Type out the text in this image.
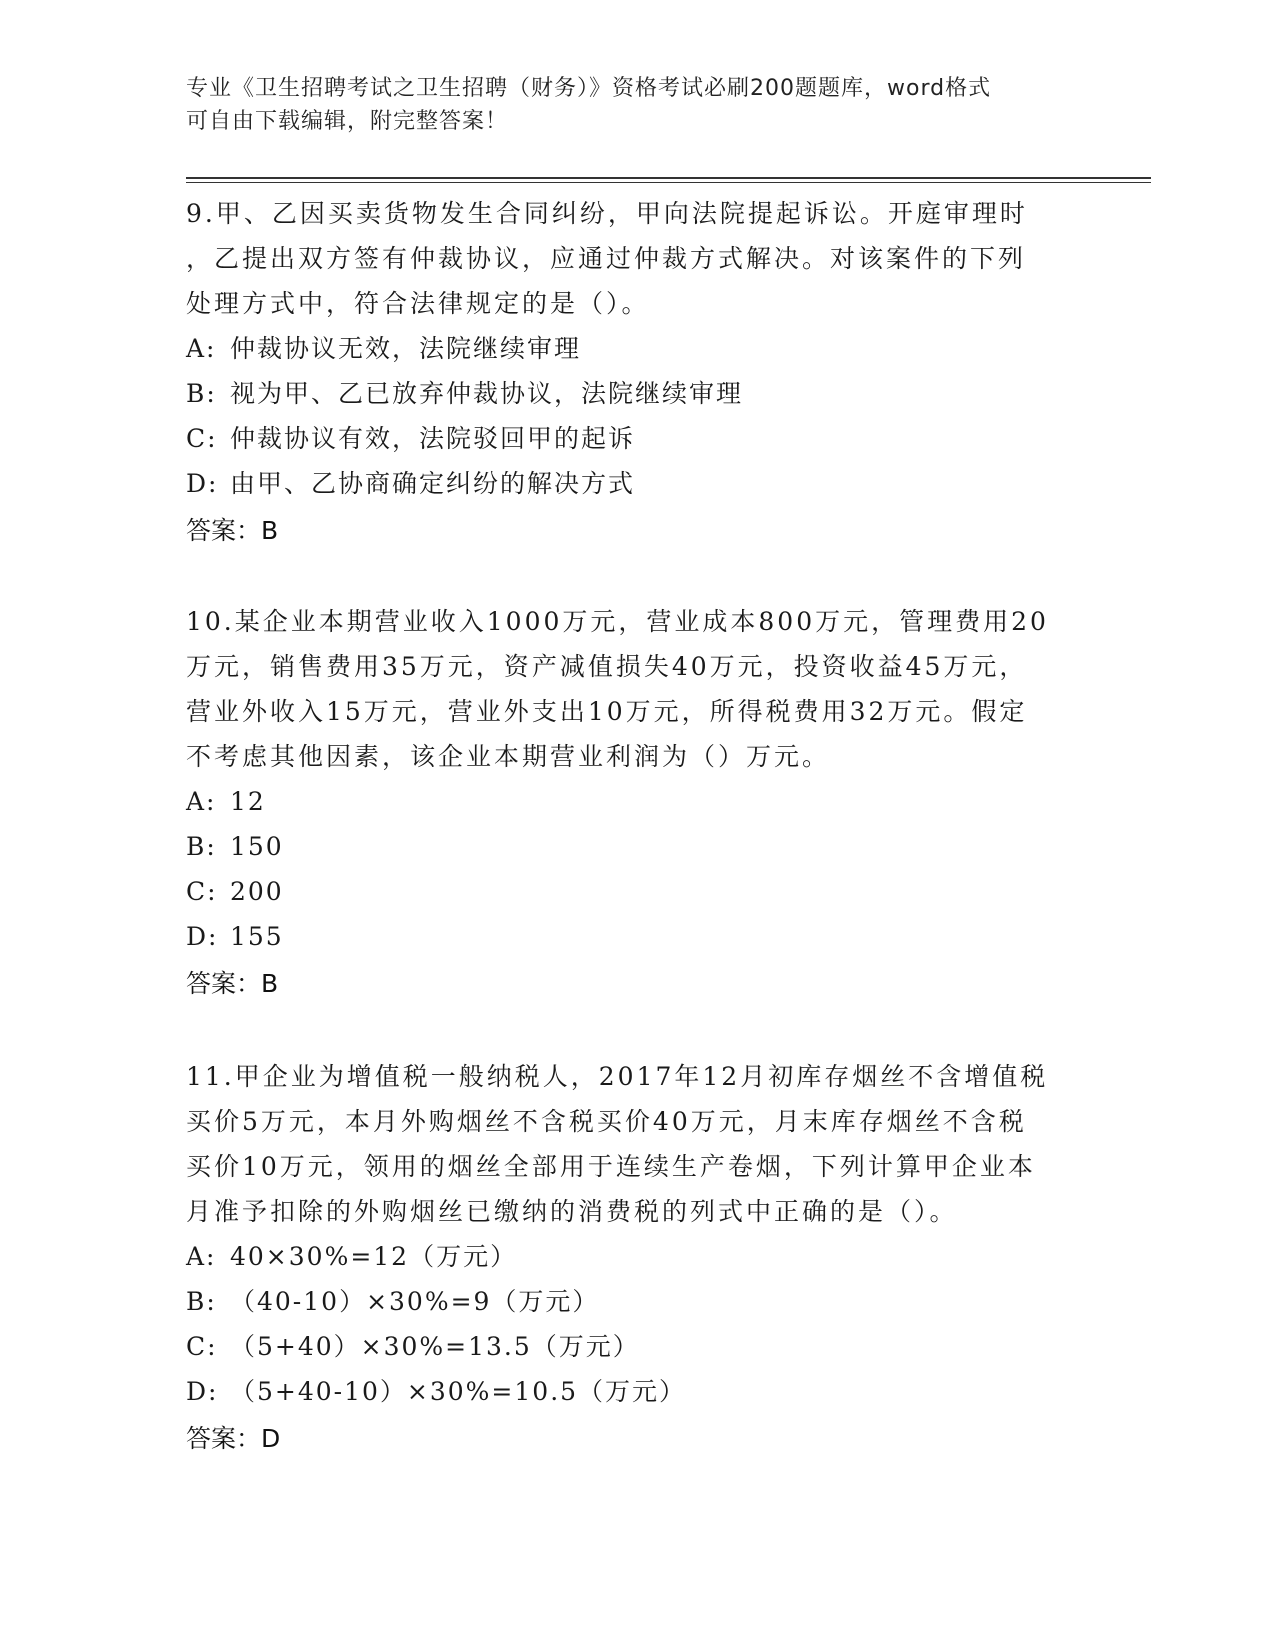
专业《卫生招聘考试之卫生招聘（财务）》资格考试必刷200题题库，word格式
可自由下载编辑，附完整答案！
9.甲、乙因买卖货物发生合同纠纷，甲向法院提起诉讼。开庭审理时
，乙提出双方签有仲裁协议，应通过仲裁方式解决。对该案件的下列
处理方式中，符合法律规定的是（）。
A: 仲裁协议无效，法院继续审理
B: 视为甲、乙已放弃仲裁协议，法院继续审理
C: 仲裁协议有效，法院驳回甲的起诉
D: 由甲、乙协商确定纠纷的解决方式
答案：B
10.某企业本期营业收入1000万元，营业成本800万元，管理费用20
万元，销售费用35万元，资产减值损失40万元，投资收益45万元，
营业外收入15万元，营业外支出10万元，所得税费用32万元。假定
不考虑其他因素，该企业本期营业利润为（）万元。
A: 12
B: 150
C: 200
D: 155
答案：B
11.甲企业为增值税一般纳税人，2017年12月初库存烟丝不含增值税
买价5万元，本月外购烟丝不含税买价40万元，月末库存烟丝不含税
买价10万元，领用的烟丝全部用于连续生产卷烟，下列计算甲企业本
月准予扣除的外购烟丝已缴纳的消费税的列式中正确的是（）。
A: 40×30%=12（万元）
B: （40-10）×30%=9（万元）
C: （5+40）×30%=13.5（万元）
D: （5+40-10）×30%=10.5（万元）
答案：D
